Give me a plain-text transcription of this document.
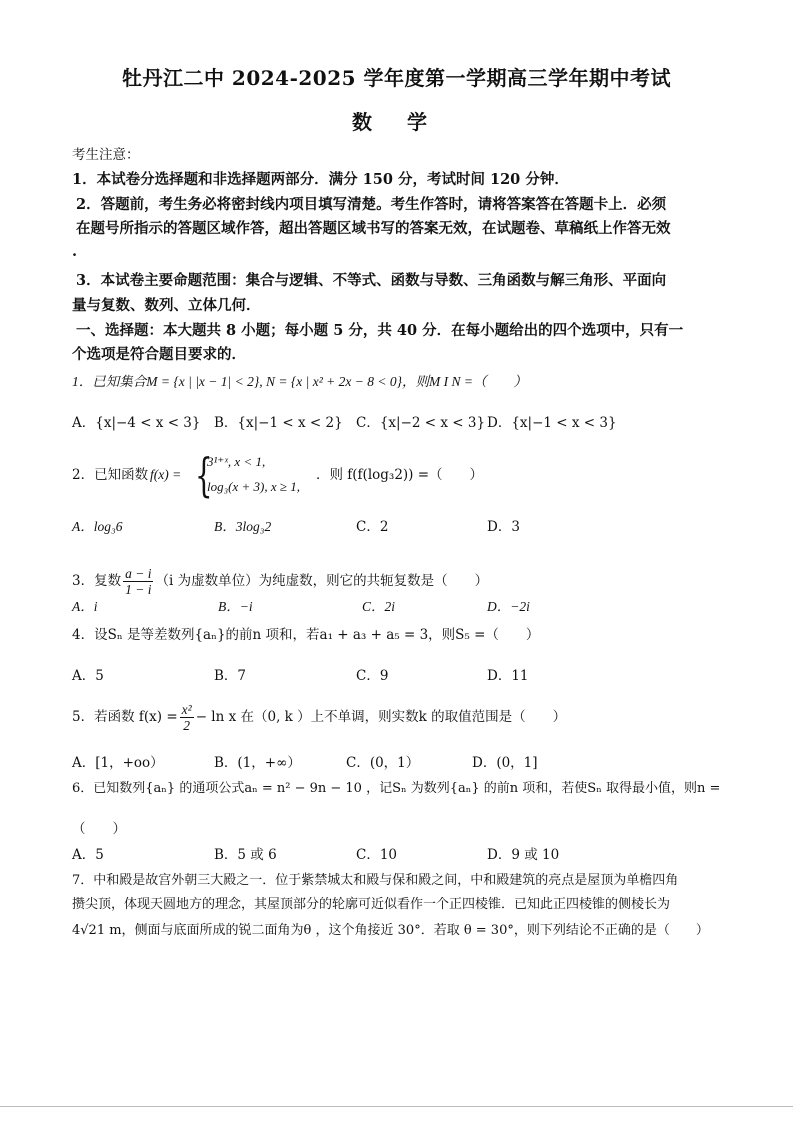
牡丹江二中 2024-2025 学年度第一学期高三学年期中考试
数 学
考生注意：
1．本试卷分选择题和非选择题两部分．满分 150 分，考试时间 120 分钟．
2．答题前，考生务必将密封线内项目填写清楚。考生作答时，请将答案答在答题卡上．必须
在题号所指示的答题区域作答，超出答题区域书写的答案无效，在试题卷、草稿纸上作答无效
.
3．本试卷主要命题范围：集合与逻辑、不等式、函数与导数、三角函数与解三角形、平面向
量与复数、数列、立体几何．
一、选择题：本大题共 8 小题；每小题 5 分，共 40 分．在每小题给出的四个选项中，只有一
个选项是符合题目要求的．
1．已知集合M = {x | |x − 1| < 2}, N = {x | x² + 2x − 8 < 0}，则M I N =（　　）
A．{x|−4 < x < 3} B．{x|−1 < x < 2} C．{x|−2 < x < 3} D．{x|−1 < x < 3}
2．已知函数 f(x) = {
3¹⁺ˣ, x < 1,
log₃(x + 3), x ≥ 1,
．则 f(f(log₃2)) =（　　）
A．log₃6	B．3log₃2	C．2	D．3
3．复数 $\frac{a - i}{1 - i} (i$ 为虚数单位）为纯虚数，则它的共轭复数是（　　）
A．i	B．−i	C．2i	D．−2i
4．设Sₙ 是等差数列{aₙ}的前n 项和，若a₁ + a₃ + a₅ = 3，则S₅ =（　　）
A．5	B．7	C．9	D．11
5．若函数 $f(x) = \frac{\text{x²}}{2} - \ln x$ 在（0, k ）上不单调，则实数k 的取值范围是（　　）
A．[1，+oo）	B．(1，+∞）	C．(0，1）	D．(0，1]
6．已知数列{aₙ} 的通项公式aₙ = n² − 9n − 10 ，记Sₙ 为数列{aₙ} 的前n 项和，若使Sₙ 取得最小值，则n =
（　　）
A．5	B．5 或 6	C．10	D．9 或 10
7．中和殿是故宫外朝三大殿之一．位于紫禁城太和殿与保和殿之间，中和殿建筑的亮点是屋顶为单檐四角
攒尖顶，体现天圆地方的理念，其屋顶部分的轮廓可近似看作一个正四棱锥．已知此正四棱锥的侧棱长为
4√21 m，侧面与底面所成的锐二面角为θ ，这个角接近 30°．若取 θ = 30°，则下列结论不正确的是（　　）
